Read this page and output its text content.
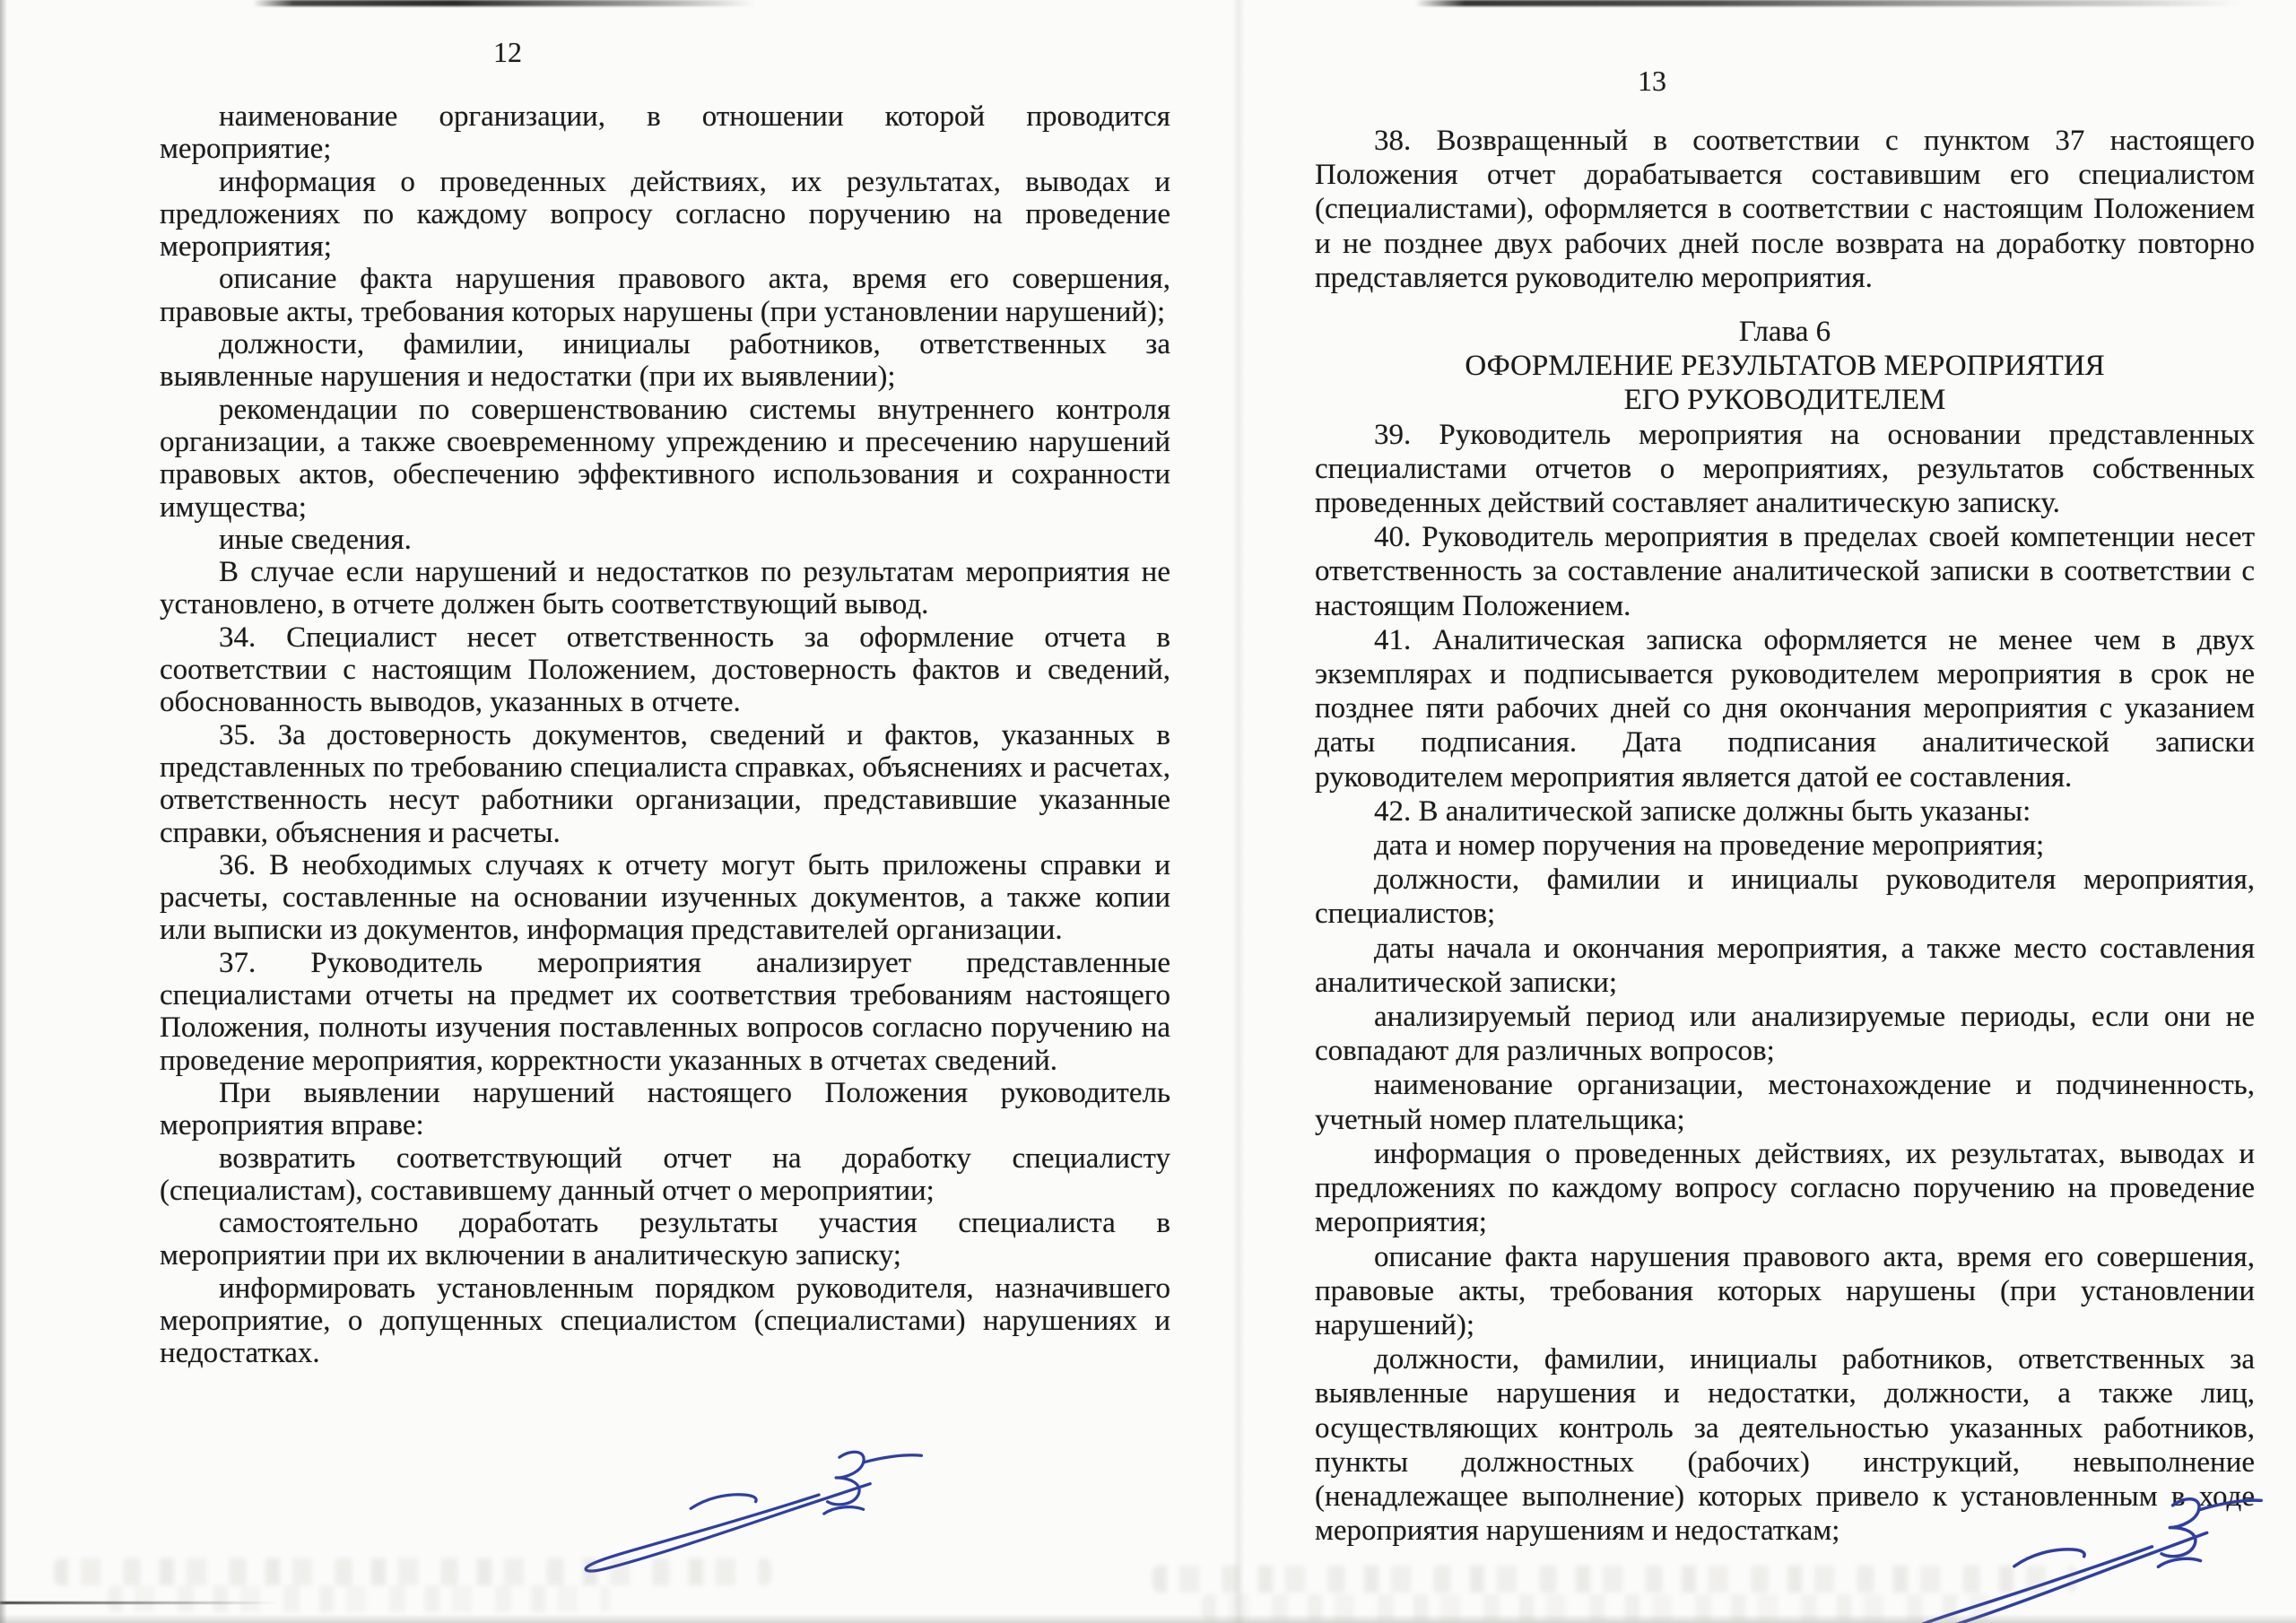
12

наименование организации, в отношении которой проводится мероприятие;

информация о проведенных действиях, их результатах, выводах и предложениях по каждому вопросу согласно поручению на проведение мероприятия;

описание факта нарушения правового акта, время его совершения, правовые акты, требования которых нарушены (при установлении нарушений);

должности, фамилии, инициалы работников, ответственных за выявленные нарушения и недостатки (при их выявлении);

рекомендации по совершенствованию системы внутреннего контроля организации, а также своевременному упреждению и пресечению нарушений правовых актов, обеспечению эффективного использования и сохранности имущества;

иные сведения.

В случае если нарушений и недостатков по результатам мероприятия не установлено, в отчете должен быть соответствующий вывод.

34. Специалист несет ответственность за оформление отчета в соответствии с настоящим Положением, достоверность фактов и сведений, обоснованность выводов, указанных в отчете.

35. За достоверность документов, сведений и фактов, указанных в представленных по требованию специалиста справках, объяснениях и расчетах, ответственность несут работники организации, представившие указанные справки, объяснения и расчеты.

36. В необходимых случаях к отчету могут быть приложены справки и расчеты, составленные на основании изученных документов, а также копии или выписки из документов, информация представителей организации.

37. Руководитель мероприятия анализирует представленные специалистами отчеты на предмет их соответствия требованиям настоящего Положения, полноты изучения поставленных вопросов согласно поручению на проведение мероприятия, корректности указанных в отчетах сведений.

При выявлении нарушений настоящего Положения руководитель мероприятия вправе:

возвратить соответствующий отчет на доработку специалисту (специалистам), составившему данный отчет о мероприятии;

самостоятельно доработать результаты участия специалиста в мероприятии при их включении в аналитическую записку;

информировать установленным порядком руководителя, назначившего мероприятие, о допущенных специалистом (специалистами) нарушениях и недостатках.

13

38. Возвращенный в соответствии с пунктом 37 настоящего Положения отчет дорабатывается составившим его специалистом (специалистами), оформляется в соответствии с настоящим Положением и не позднее двух рабочих дней после возврата на доработку повторно представляется руководителю мероприятия.

Глава 6
ОФОРМЛЕНИЕ РЕЗУЛЬТАТОВ МЕРОПРИЯТИЯ
ЕГО РУКОВОДИТЕЛЕМ

39. Руководитель мероприятия на основании представленных специалистами отчетов о мероприятиях, результатов собственных проведенных действий составляет аналитическую записку.

40. Руководитель мероприятия в пределах своей компетенции несет ответственность за составление аналитической записки в соответствии с настоящим Положением.

41. Аналитическая записка оформляется не менее чем в двух экземплярах и подписывается руководителем мероприятия в срок не позднее пяти рабочих дней со дня окончания мероприятия с указанием даты подписания. Дата подписания аналитической записки руководителем мероприятия является датой ее составления.

42. В аналитической записке должны быть указаны:

дата и номер поручения на проведение мероприятия;

должности, фамилии и инициалы руководителя мероприятия, специалистов;

даты начала и окончания мероприятия, а также место составления аналитической записки;

анализируемый период или анализируемые периоды, если они не совпадают для различных вопросов;

наименование организации, местонахождение и подчиненность, учетный номер плательщика;

информация о проведенных действиях, их результатах, выводах и предложениях по каждому вопросу согласно поручению на проведение мероприятия;

описание факта нарушения правового акта, время его совершения, правовые акты, требования которых нарушены (при установлении нарушений);

должности, фамилии, инициалы работников, ответственных за выявленные нарушения и недостатки, должности, а также лиц, осуществляющих контроль за деятельностью указанных работников, пункты должностных (рабочих) инструкций, невыполнение (ненадлежащее выполнение) которых привело к установленным в ходе мероприятия нарушениям и недостаткам;
